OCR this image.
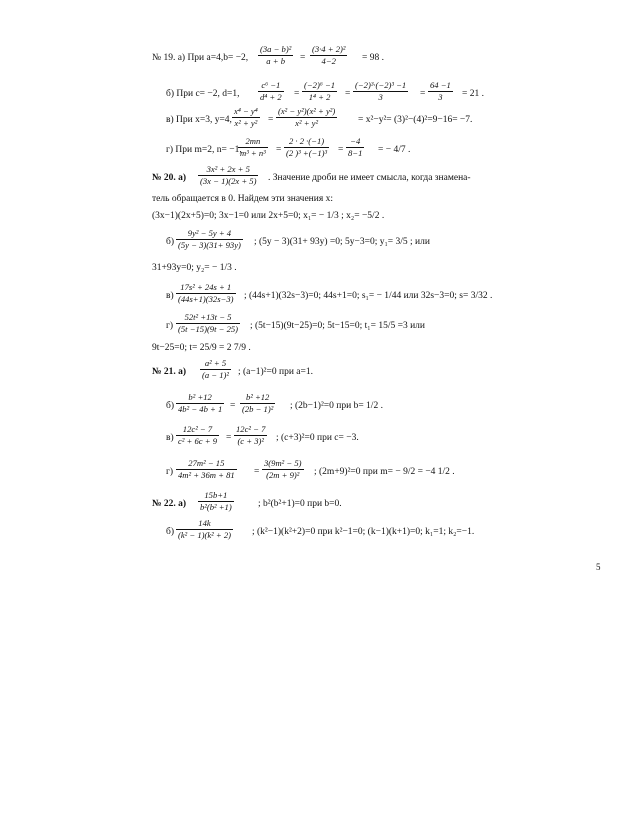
№ 19. а) При a=4,b= −2, $\frac{\text{(3a − b)²}}{a + b} = \frac{\text{(3·4 + 2)²}}{4-2} = 98$ .
б) При c= −2, d=1, $\frac{\text{c⁶ −1}}{\text{d⁴ + 2}} = \frac{\text{(−2)⁶ −1}}{\text{1⁴ + 2}} = \frac{\text{(−2)³·(−2)³ −1}}{3} = \frac{64 -1}{3} = 21$ .
в) При x=3, y=4, $\frac{\text{x⁴ − y⁴}}{\text{x² + y²}} = \frac{\text{(x² − y²)(x² + y²)}}{\text{x² + y²}} = x^2-y^2= (3)^2-(4)^2=9-16= -7$.
г) При m=2, n= −1,
$\frac{2mn}{\text{m³ + n³}} = \frac{2 \cdot 2 \cdot(-1)}{\text{(2 )³ +(−1)³}} = \frac{-4}{8-1}$ = − 4/7 .
№ 20. $а) \frac{\text{3x² + 2x + 5}}{(3x - 1)(2x + 5)}$ . Значение дроби не имеет смысла, когда знамена-
тель обращается в 0. Найдем эти значения x:
(3x−1)(2x+5)=0; 3x−1=0 или 2x+5=0; x₁= − 1/3 ; x₂= −5/2 .
$б) \frac{\text{9y² − 5y + 4}}{(5y - 3)(31+ 93y)}$ ; (5y − 3)(31+ 93y) =0; 5y−3=0; y₁= 3/5 ; или
31+93y=0; y₂= − 1/3 .
$в) \frac{\text{17s² + 24s + 1}}{(44s+1)(32s-3)}$ ; (44s+1)(32s−3)=0; 44s+1=0; s₁= − 1/44 или 32s−3=0; s= 3/32 .
$г) \frac{\text{52t² +13t − 5}}{(5t -15)(9t - 25)}$ ; (5t−15)(9t−25)=0; 5t−15=0; t₁= 15/5 =3 или
9t−25=0; t= 25/9 = 2 7/9 .
№ 21. $а) \frac{\text{a² + 5}}{\text{(a − 1)²}}$ ; (a−1)²=0 при a=1.
$б) \frac{\text{b² +12}}{\text{4b² − 4b + 1}} = \frac{\text{b² +12}}{\text{(2b − 1)²}}$ ; (2b−1)²=0 при b= 1/2 .
$в) \frac{\text{12c² − 7}}{\text{c² + 6c + 9}} = \frac{\text{12c² − 7}}{\text{(c + 3)²}}$ ; (c+3)²=0 при c= −3.
$г) \frac{\text{27m² − 15}}{\text{4m² + 36m + 81}} = \frac{\text{3(9m² − 5)}}{\text{(2m + 9)²}}$ ; (2m+9)²=0 при m= − 9/2 = −4 1/2 .
№ 22. $а) \frac{15b+1}{\text{b²(b² +1)}}$	; b²(b²+1)=0 при b=0.
$б) \frac{14k}{\text{(k² − 1)(k² + 2)}}$ ; (k²−1)(k²+2)=0 при k²−1=0; (k−1)(k+1)=0; k₁=1; k₂=−1.
5
